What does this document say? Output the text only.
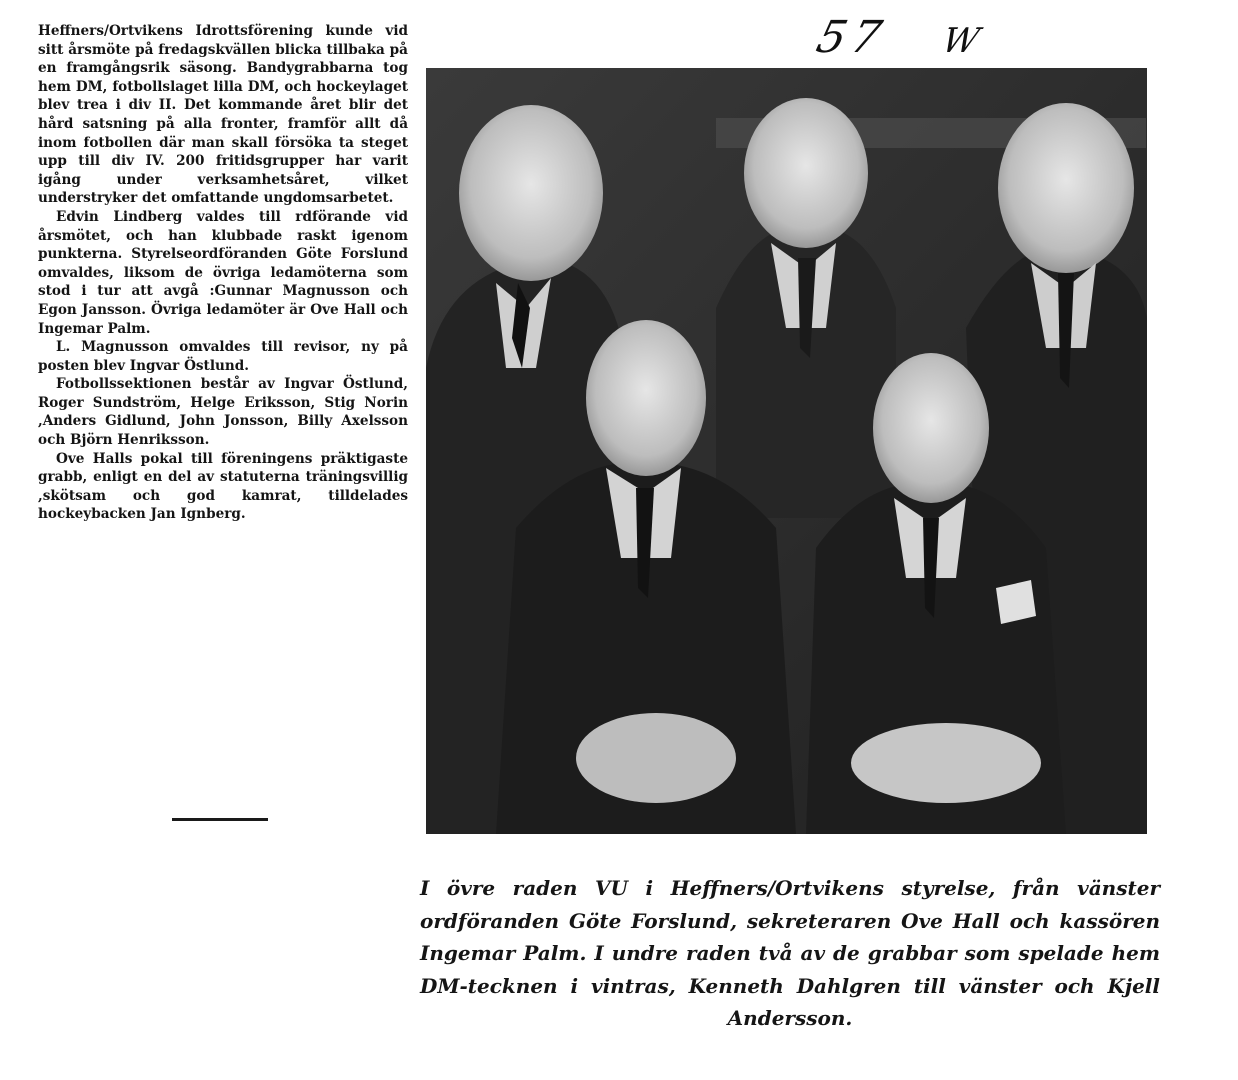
57 W

Heffners/Ortvikens Idrottsförening kunde vid sitt årsmöte på fredagskvällen blicka tillbaka på en framgångsrik säsong. Bandygrabbarna tog hem DM, fotbollslaget lilla DM, och hockeylaget blev trea i div II. Det kommande året blir det hård satsning på alla fronter, framför allt då inom fotbollen där man skall försöka ta steget upp till div IV. 200 fritidsgrupper har varit igång under verksamhetsåret, vilket understryker det omfattande ungdomsarbetet.

Edvin Lindberg valdes till rdförande vid årsmötet, och han klubbade raskt igenom punkterna. Styrelseordföranden Göte Forslund omvaldes, liksom de övriga ledamöterna som stod i tur att avgå :Gunnar Magnusson och Egon Jansson. Övriga ledamöter är Ove Hall och Ingemar Palm.

L. Magnusson omvaldes till revisor, ny på posten blev Ingvar Östlund.

Fotbollssektionen består av Ingvar Östlund, Roger Sundström, Helge Eriksson, Stig Norin ,Anders Gidlund, John Jonsson, Billy Axelsson och Björn Henriksson.

Ove Halls pokal till föreningens präktigaste grabb, enligt en del av statuterna träningsvillig ,skötsam och god kamrat, tilldelades hockeybacken Jan Ignberg.

I övre raden VU i Heffners/Ortvikens styrelse, från vänster ordföranden Göte Forslund, sekreteraren Ove Hall och kassören Ingemar Palm. I undre raden två av de grabbar som spelade hem DM-tecknen i vintras, Kenneth Dahlgren till vänster och Kjell Andersson.
